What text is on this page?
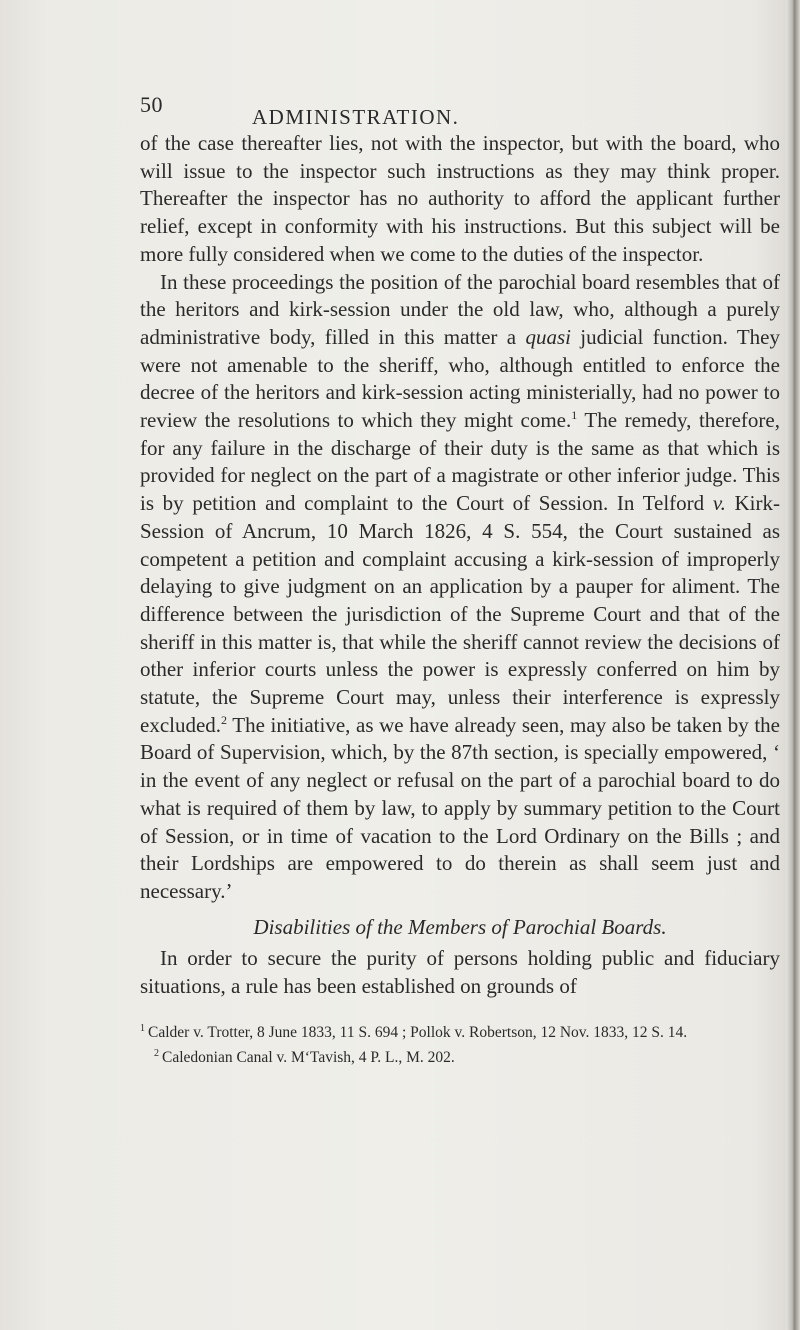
50	ADMINISTRATION.

of the case thereafter lies, not with the inspector, but with the board, who will issue to the inspector such instructions as they may think proper. Thereafter the inspector has no authority to afford the applicant further relief, except in conformity with his instructions. But this subject will be more fully considered when we come to the duties of the inspector.

In these proceedings the position of the parochial board resembles that of the heritors and kirk-session under the old law, who, although a purely administrative body, filled in this matter a quasi judicial function. They were not amenable to the sheriff, who, although entitled to enforce the decree of the heritors and kirk-session acting ministerially, had no power to review the resolutions to which they might come.$^1$ The remedy, therefore, for any failure in the discharge of their duty is the same as that which is provided for neglect on the part of a magistrate or other inferior judge. This is by petition and complaint to the Court of Session. In Telford v. Kirk-Session of Ancrum, 10 March 1826, 4 S. 554, the Court sustained as competent a petition and complaint accusing a kirk-session of improperly delaying to give judgment on an application by a pauper for aliment. The difference between the jurisdiction of the Supreme Court and that of the sheriff in this matter is, that while the sheriff cannot review the decisions of other inferior courts unless the power is expressly conferred on him by statute, the Supreme Court may, unless their interference is expressly excluded.$^2$ The initiative, as we have already seen, may also be taken by the Board of Supervision, which, by the 87th section, is specially empowered, ‘ in the event of any neglect or refusal on the part of a parochial board to do what is required of them by law, to apply by summary petition to the Court of Session, or in time of vacation to the Lord Ordinary on the Bills ; and their Lordships are empowered to do therein as shall seem just and necessary.’

Disabilities of the Members of Parochial Boards.

In order to secure the purity of persons holding public and fiduciary situations, a rule has been established on grounds of

$^1$ Calder v. Trotter, 8 June 1833, 11 S. 694 ; Pollok v. Robertson, 12 Nov. 1833, 12 S. 14.

$^2$ Caledonian Canal v. M‘Tavish, 4 P. L., M. 202.
